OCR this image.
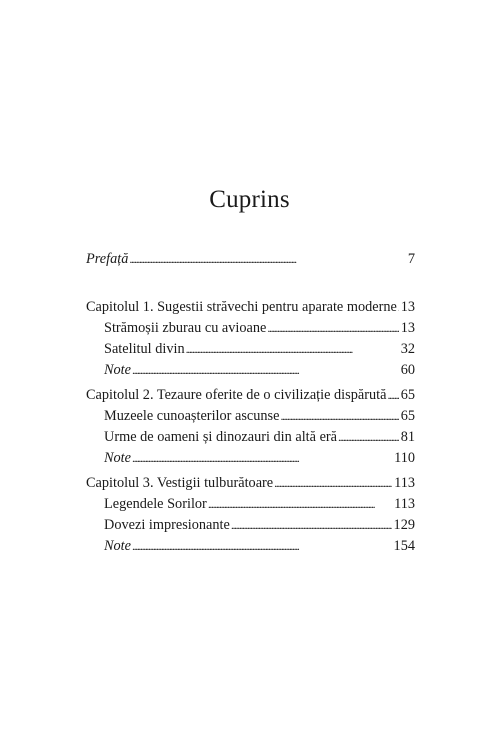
Cuprins
Prefață . . .	7
Capitolul 1. Sugestii străvechi pentru aparate moderne . . . 13
Strămoșii zburau cu avioane . . .	13
Satelitul divin . . .	32
Note . . .	60
Capitolul 2. Tezaure oferite de o civilizație dispărută . . . 65
Muzeele cunoașterilor ascunse . . .	65
Urme de oameni și dinozauri din altă eră . . .	81
Note . . .	110
Capitolul 3. Vestigii tulburătoare . . .	113
Legendele Sorilor . . .	113
Dovezi impresionante . . .	129
Note . . .	154
